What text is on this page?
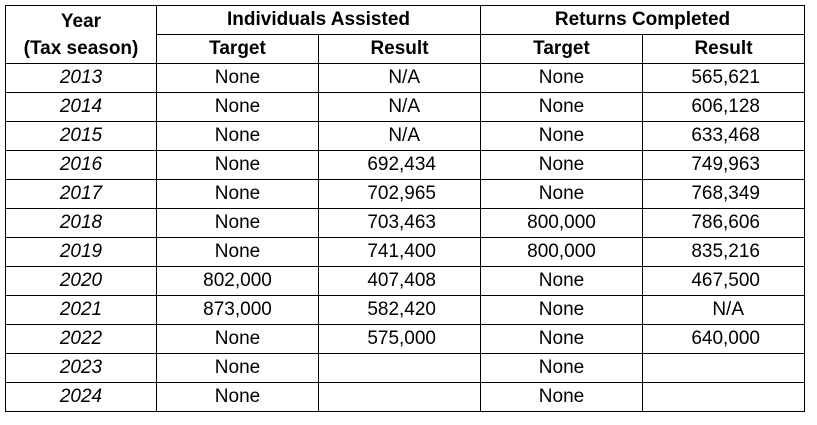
Year
(Tax season)	Individuals Assisted		Returns Completed	
	Target	Result	Target	Result
2013	None	N/A	None	565,621
2014	None	N/A	None	606,128
2015	None	N/A	None	633,468
2016	None	692,434	None	749,963
2017	None	702,965	None	768,349
2018	None	703,463	800,000	786,606
2019	None	741,400	800,000	835,216
2020	802,000	407,408	None	467,500
2021	873,000	582,420	None	N/A
2022	None	575,000	None	640,000
2023	None		None	
2024	None		None	
